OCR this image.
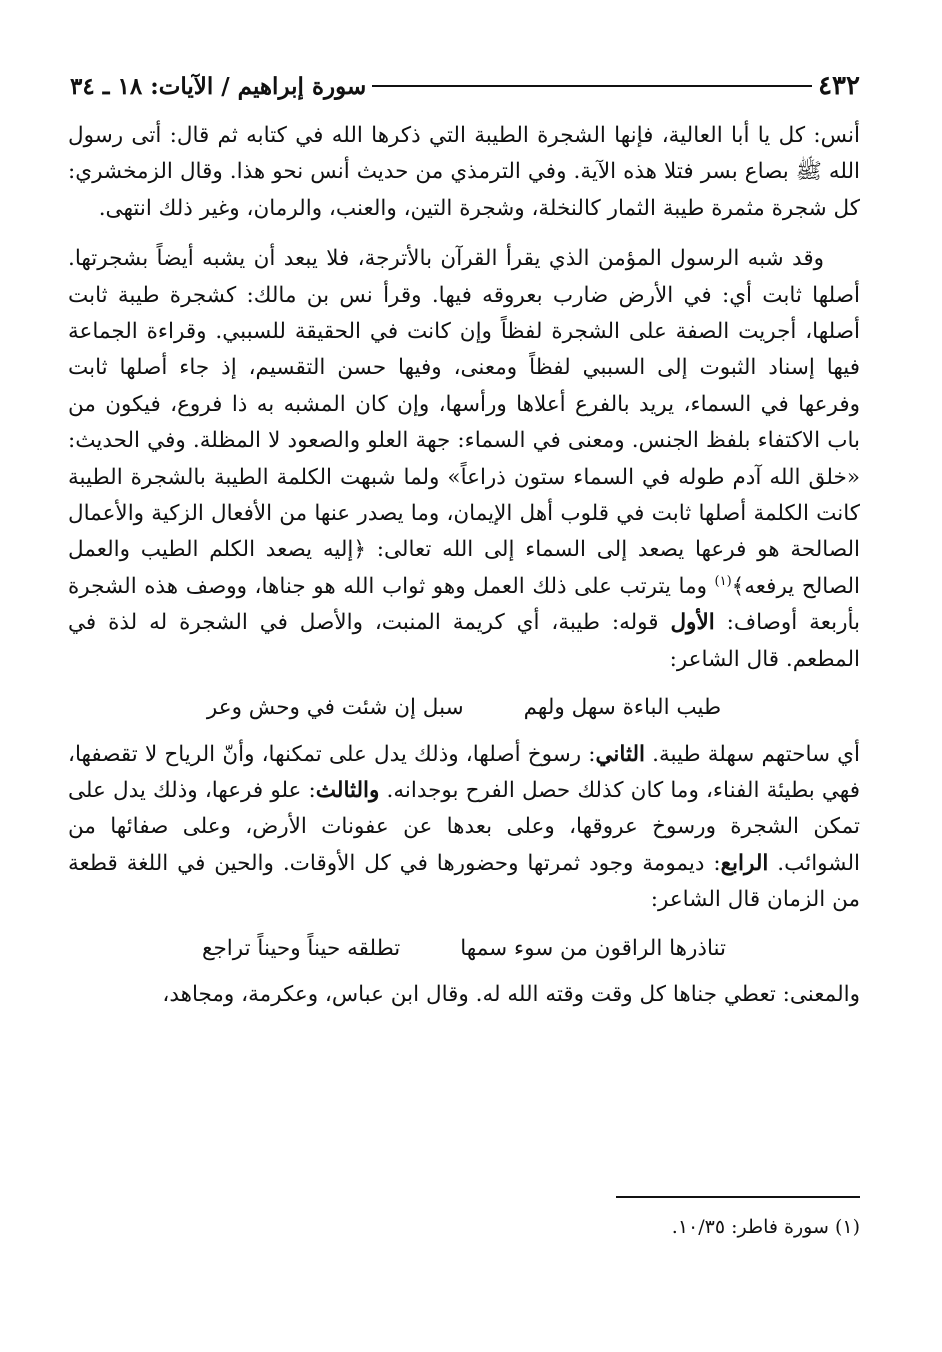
٤٣٢
سورة إبراهيم / الآيات: ١٨ ـ ٣٤

أنس: كل يا أبا العالية، فإنها الشجرة الطيبة التي ذكرها الله في كتابه ثم قال: أتى رسول الله ﷺ بصاع بسر فتلا هذه الآية. وفي الترمذي من حديث أنس نحو هذا. وقال الزمخشري: كل شجرة مثمرة طيبة الثمار كالنخلة، وشجرة التين، والعنب، والرمان، وغير ذلك انتهى.

وقد شبه الرسول المؤمن الذي يقرأ القرآن بالأترجة، فلا يبعد أن يشبه أيضاً بشجرتها. أصلها ثابت أي: في الأرض ضارب بعروقه فيها. وقرأ نس بن مالك: كشجرة طيبة ثابت أصلها، أجريت الصفة على الشجرة لفظاً وإن كانت في الحقيقة للسببي. وقراءة الجماعة فيها إسناد الثبوت إلى السببي لفظاً ومعنى، وفيها حسن التقسيم، إذ جاء أصلها ثابت وفرعها في السماء، يريد بالفرع أعلاها ورأسها، وإن كان المشبه به ذا فروع، فيكون من باب الاكتفاء بلفظ الجنس. ومعنى في السماء: جهة العلو والصعود لا المظلة. وفي الحديث: «خلق الله آدم طوله في السماء ستون ذراعاً» ولما شبهت الكلمة الطيبة بالشجرة الطيبة كانت الكلمة أصلها ثابت في قلوب أهل الإيمان، وما يصدر عنها من الأفعال الزكية والأعمال الصالحة هو فرعها يصعد إلى السماء إلى الله تعالى: ﴿إليه يصعد الكلم الطيب والعمل الصالح يرفعه﴾$^{(١)}$ وما يترتب على ذلك العمل وهو ثواب الله هو جناها، ووصف هذه الشجرة بأربعة أوصاف: الأول قوله: طيبة، أي كريمة المنبت، والأصل في الشجرة له لذة في المطعم. قال الشاعر:

طيب الباءة سهل ولهم
سبل إن شئت في وحش وعر

أي ساحتهم سهلة طيبة. الثاني: رسوخ أصلها، وذلك يدل على تمكنها، وأنّ الرياح لا تقصفها، فهي بطيئة الفناء، وما كان كذلك حصل الفرح بوجدانه. والثالث: علو فرعها، وذلك يدل على تمكن الشجرة ورسوخ عروقها، وعلى بعدها عن عفونات الأرض، وعلى صفائها من الشوائب. الرابع: ديمومة وجود ثمرتها وحضورها في كل الأوقات. والحين في اللغة قطعة من الزمان قال الشاعر:

تناذرها الراقون من سوء سمها
تطلقه حيناً وحيناً تراجع

والمعنى: تعطي جناها كل وقت وقته الله له. وقال ابن عباس، وعكرمة، ومجاهد،

(١) سورة فاطر: ١٠/٣٥.
